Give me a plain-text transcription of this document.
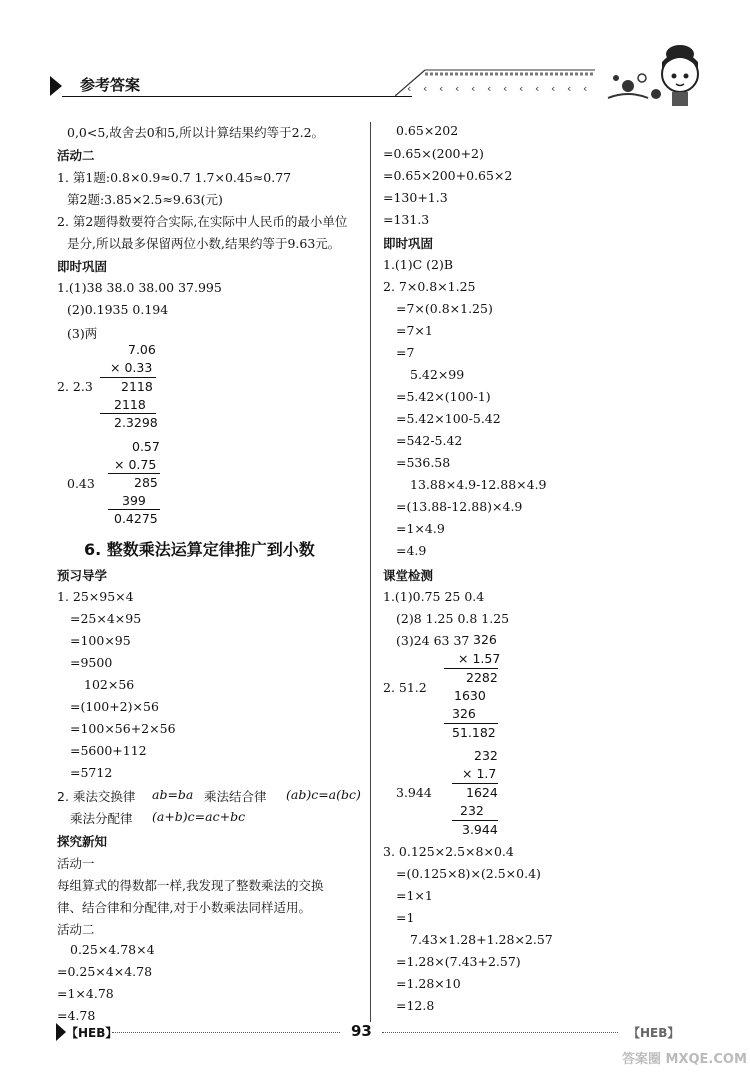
参考答案	‹ ‹ ‹ ‹ ‹ ‹ ‹ ‹ ‹ ‹ ‹ ‹
0,0<5,故舍去0和5,所以计算结果约等于2.2。
活动二
1. 第1题:0.8×0.9≈0.7 1.7×0.45≈0.77
第2题:3.85×2.5≈9.63(元)
2. 第2题得数要符合实际,在实际中人民币的最小单位
是分,所以最多保留两位小数,结果约等于9.63元。
即时巩固
1.(1)38 38.0 38.00 37.995
(2)0.1935 0.194
(3)两
7.06
× 0.33
2118
2. 2.3
2118
2.3298
0.57
× 0.75
285
0.43
399
0.4275
6. 整数乘法运算定律推广到小数
预习导学
1. 25×95×4
=25×4×95
=100×95
=9500
102×56
=(100+2)×56
=100×56+2×56
=5600+112
=5712
2. 乘法交换律 ab=ba 乘法结合律 (ab)c=a(bc)
乘法分配律 (a+b)c=ac+bc
探究新知
活动一
每组算式的得数都一样,我发现了整数乘法的交换
律、结合律和分配律,对于小数乘法同样适用。
活动二
0.25×4.78×4
=0.25×4×4.78
=1×4.78
=4.78
0.65×202
=0.65×(200+2)
=0.65×200+0.65×2
=130+1.3
=131.3
即时巩固
1.(1)C (2)B
2. 7×0.8×1.25
=7×(0.8×1.25)
=7×1
=7
5.42×99
=5.42×(100-1)
=5.42×100-5.42
=542-5.42
=536.58
13.88×4.9-12.88×4.9
=(13.88-12.88)×4.9
=1×4.9
=4.9
课堂检测
1.(1)0.75 25 0.4
(2)8 1.25 0.8 1.25
(3)24 63 37 326
× 1.57
2282
2. 51.2
1630
326
51.182
232
× 1.7
1624
3.944
232
3.944
3. 0.125×2.5×8×0.4
=(0.125×8)×(2.5×0.4)
=1×1
=1
7.43×1.28+1.28×2.57
=1.28×(7.43+2.57)
=1.28×10
=12.8
【HEB】	93	【HEB】
答案圈 MXQE.COM
